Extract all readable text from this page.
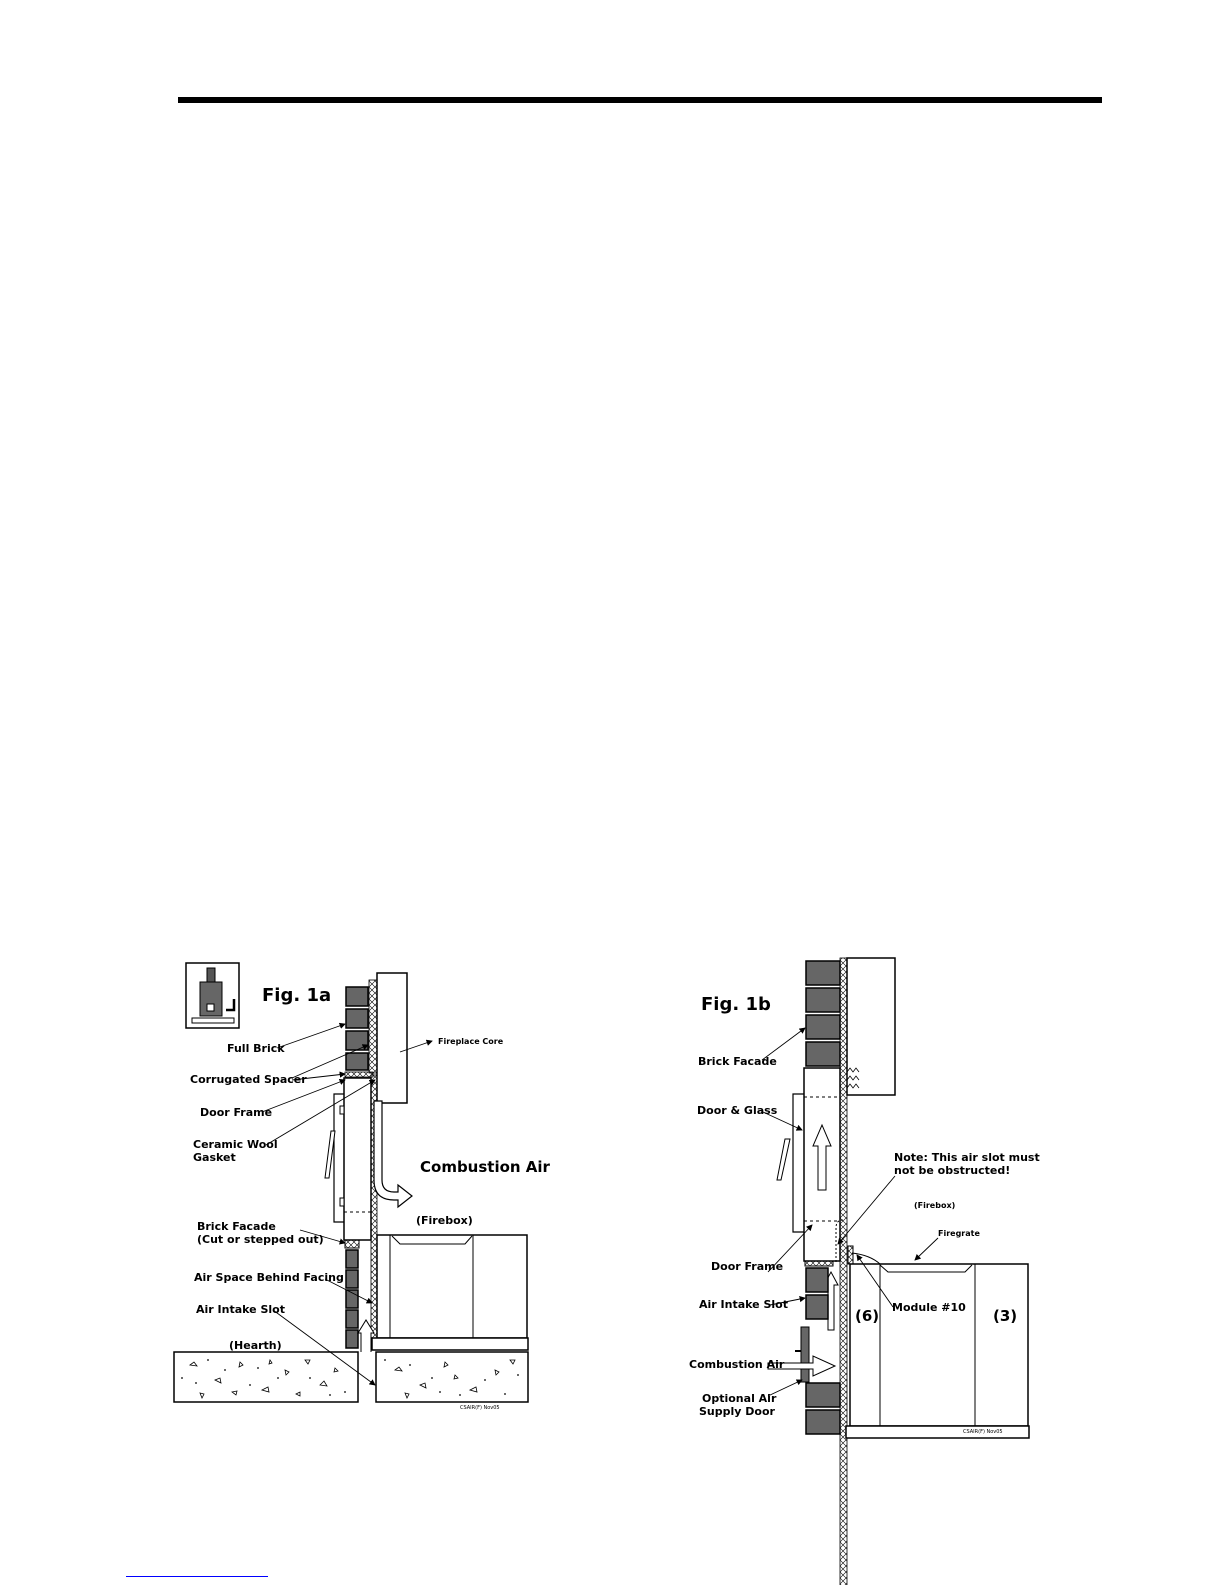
Fig. 1a
Full Brick
Fireplace Core
Corrugated Spacer
Door Frame
Ceramic Wool
Gasket
Combustion Air
(Firebox)
Brick Facade
(Cut or stepped out)
Air Space Behind Facing
Air Intake Slot
(Hearth)
CSAIR(F) Nov05
Fig. 1b
Brick Facade
Door & Glass
Note: This air slot must
not be obstructed!
(Firebox)
Firegrate
Door Frame
Air Intake Slot
(6) Module #10 (3)
Combustion Air
Optional Air
Supply Door
CSAIR(F) Nov05
